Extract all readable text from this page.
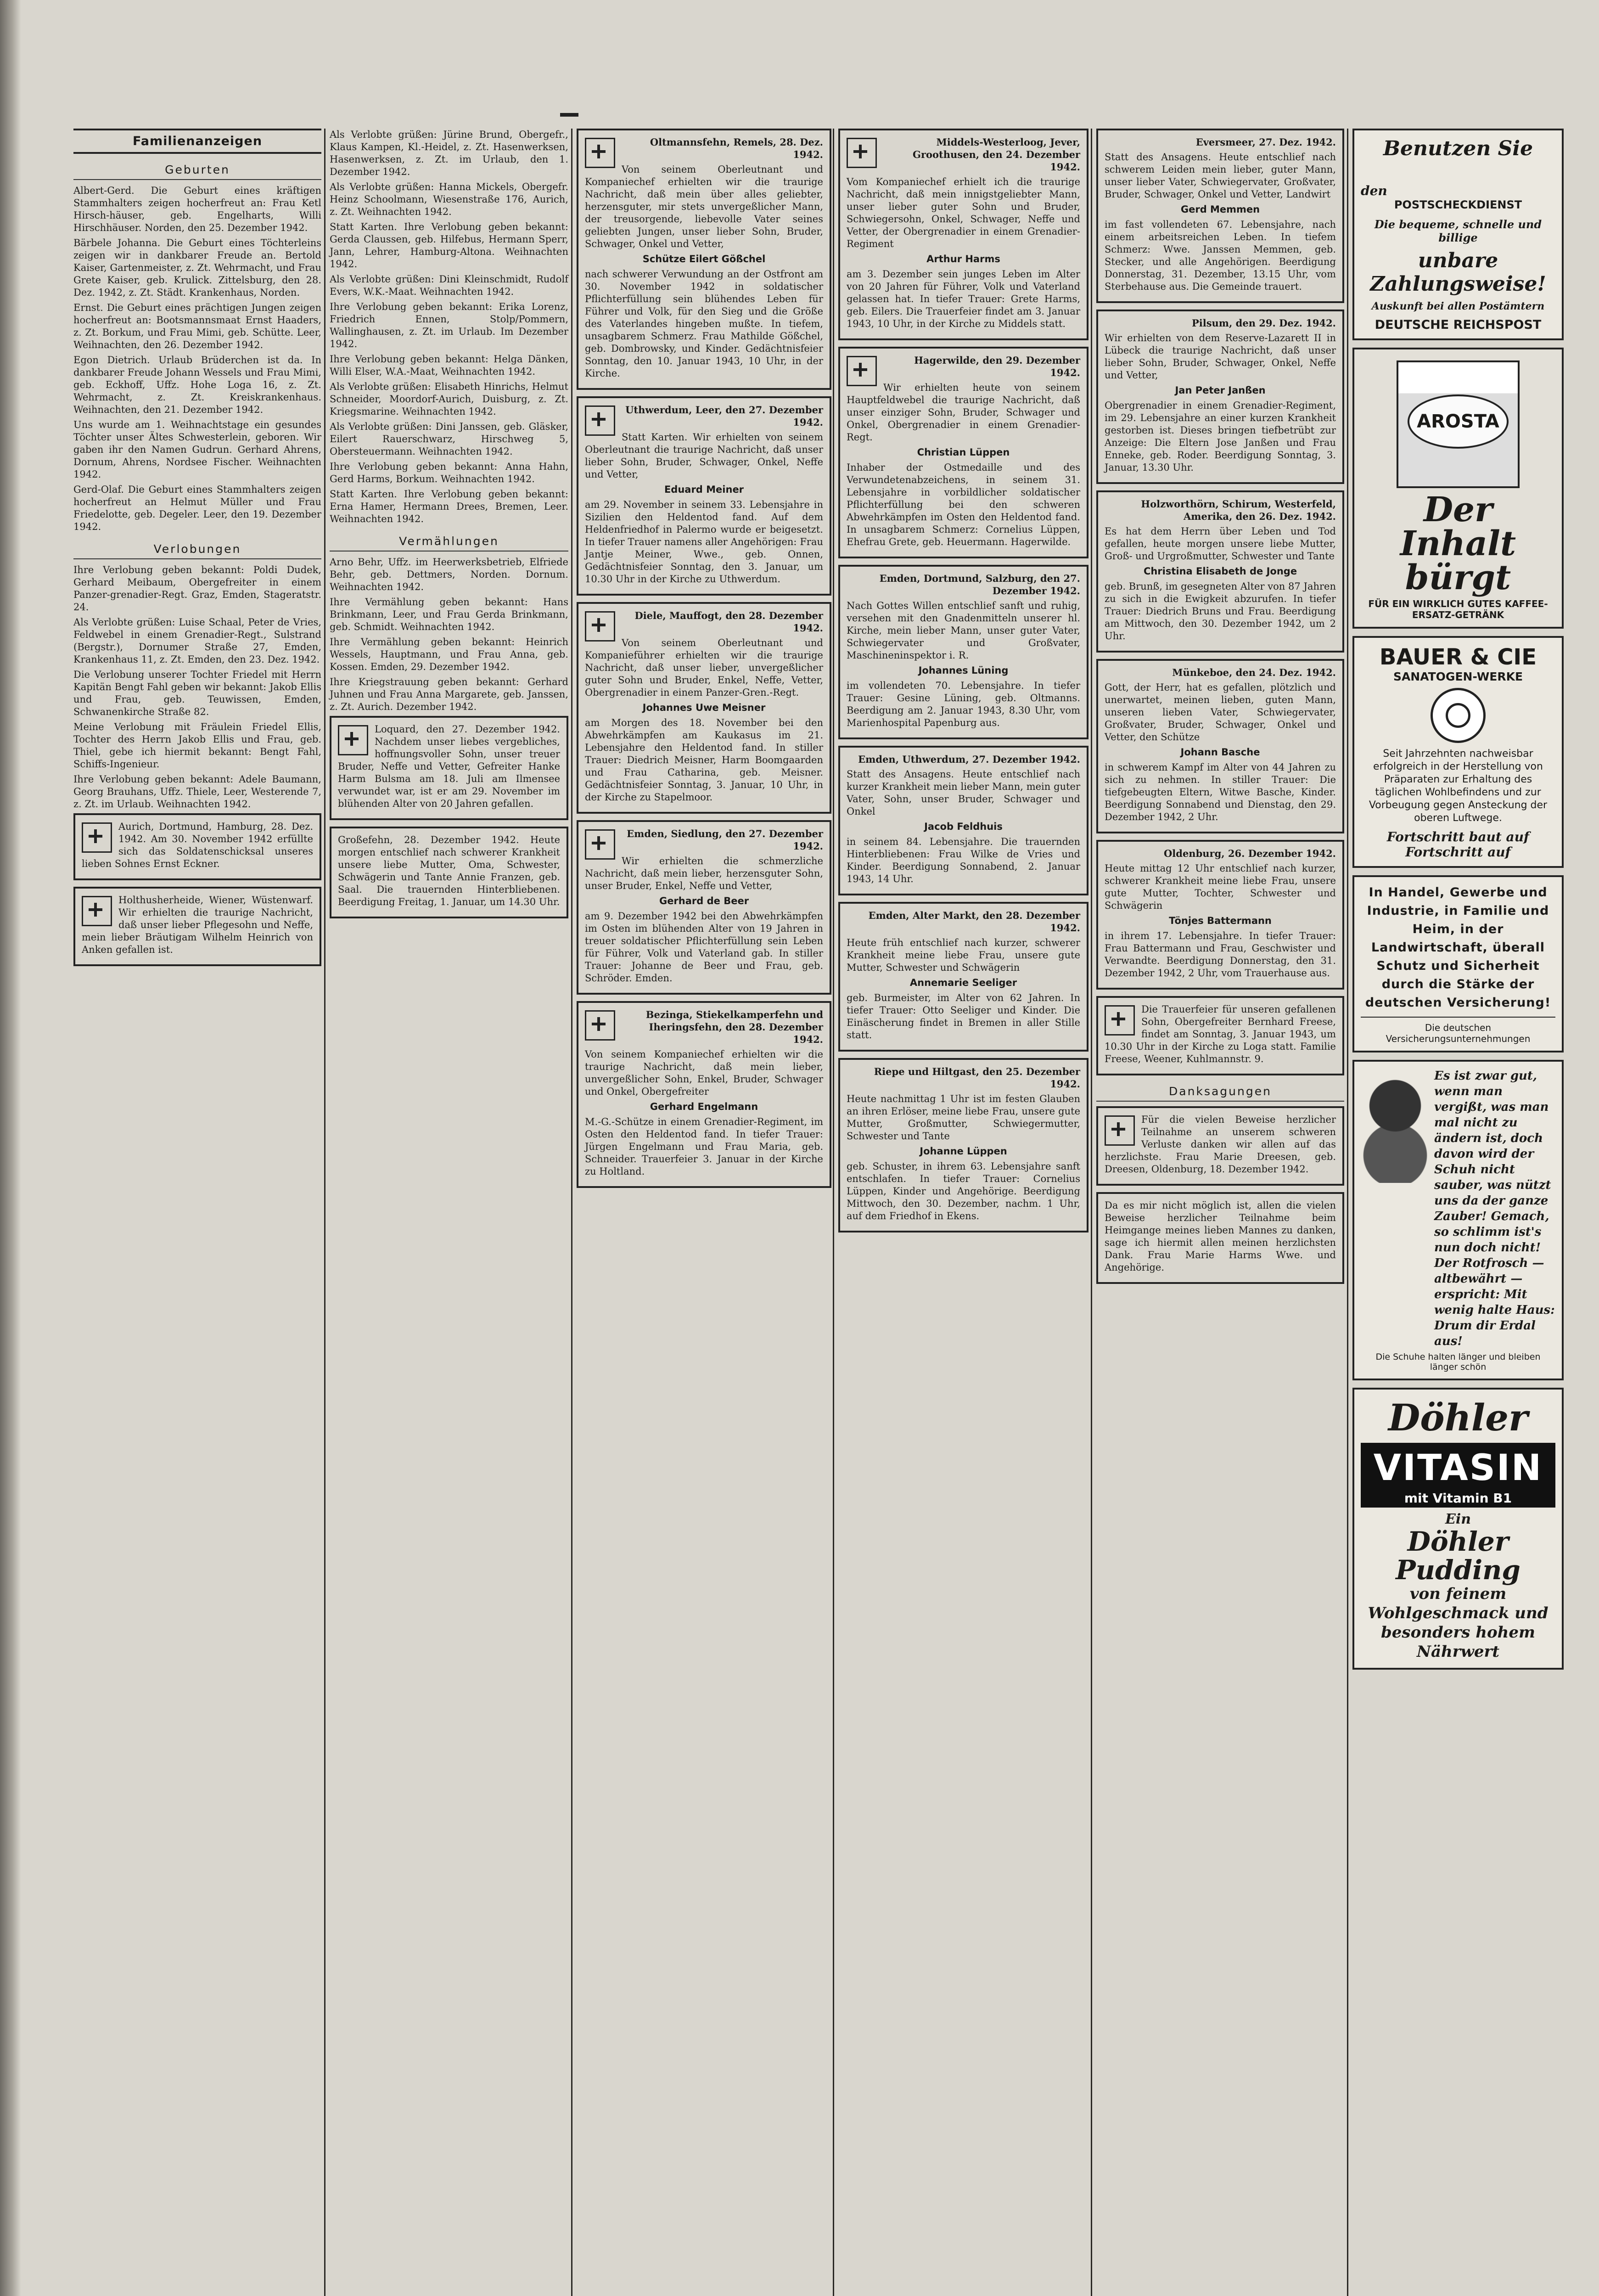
Familienanzeigen
Geburten

Albert-Gerd. Die Geburt eines kräftigen Stammhalters zeigen hocherfreut an: Frau Ketl Hirsch-häuser, geb. Engelharts, Willi Hirschhäuser. Norden, den 25. Dezember 1942.

Bärbele Johanna. Die Geburt eines Töchterleins zeigen wir in dankbarer Freude an. Bertold Kaiser, Gartenmeister, z. Zt. Wehrmacht, und Frau Grete Kaiser, geb. Krulick. Zittelsburg, den 28. Dez. 1942, z. Zt. Städt. Krankenhaus, Norden.

Ernst. Die Geburt eines prächtigen Jungen zeigen hocherfreut an: Bootsmannsmaat Ernst Haaders, z. Zt. Borkum, und Frau Mimi, geb. Schütte. Leer, Weihnachten, den 26. Dezember 1942.

Egon Dietrich. Urlaub Brüderchen ist da. In dankbarer Freude Johann Wessels und Frau Mimi, geb. Eckhoff, Uffz. Hohe Loga 16, z. Zt. Wehrmacht, z. Zt. Kreiskrankenhaus. Weihnachten, den 21. Dezember 1942.

Uns wurde am 1. Weihnachtstage ein gesundes Töchter unser Ältes Schwesterlein, geboren. Wir gaben ihr den Namen Gudrun. Gerhard Ahrens, Dornum, Ahrens, Nordsee Fischer. Weihnachten 1942.

Gerd-Olaf. Die Geburt eines Stammhalters zeigen hocherfreut an Helmut Müller und Frau Friedelotte, geb. Degeler. Leer, den 19. Dezember 1942.

Verlobungen

Ihre Verlobung geben bekannt: Poldi Dudek, Gerhard Meibaum, Obergefreiter in einem Panzer-grenadier-Regt. Graz, Emden, Stageratstr. 24.

Als Verlobte grüßen: Luise Schaal, Peter de Vries, Feldwebel in einem Grenadier-Regt., Sulstrand (Bergstr.), Dornumer Straße 27, Emden, Krankenhaus 11, z. Zt. Emden, den 23. Dez. 1942.

Die Verlobung unserer Tochter Friedel mit Herrn Kapitän Bengt Fahl geben wir bekannt: Jakob Ellis und Frau, geb. Teuwissen, Emden, Schwanenkirche Straße 82.

Meine Verlobung mit Fräulein Friedel Ellis, Tochter des Herrn Jakob Ellis und Frau, geb. Thiel, gebe ich hiermit bekannt: Bengt Fahl, Schiffs-Ingenieur.

Ihre Verlobung geben bekannt: Adele Baumann, Georg Brauhans, Uffz. Thiele, Leer, Westerende 7, z. Zt. im Urlaub. Weihnachten 1942.

Aurich, Dortmund, Hamburg, 28. Dez. 1942. Am 30. November 1942 erfüllte sich das Soldatenschicksal unseres lieben Sohnes Ernst Eckner.

Holthusherheide, Wiener, Wüstenwarf. Wir erhielten die traurige Nachricht, daß unser lieber Pflegesohn und Neffe, mein lieber Bräutigam Wilhelm Heinrich von Anken gefallen ist.

Als Verlobte grüßen: Jürine Brund, Obergefr., Klaus Kampen, Kl.-Heidel, z. Zt. Hasenwerksen, Hasenwerksen, z. Zt. im Urlaub, den 1. Dezember 1942.

Als Verlobte grüßen: Hanna Mickels, Obergefr. Heinz Schoolmann, Wiesenstraße 176, Aurich, z. Zt. Weihnachten 1942.

Statt Karten. Ihre Verlobung geben bekannt: Gerda Claussen, geb. Hilfebus, Hermann Sperr, Jann, Lehrer, Hamburg-Altona. Weihnachten 1942.

Als Verlobte grüßen: Dini Kleinschmidt, Rudolf Evers, W.K.-Maat. Weihnachten 1942.

Ihre Verlobung geben bekannt: Erika Lorenz, Friedrich Ennen, Stolp/Pommern, Wallinghausen, z. Zt. im Urlaub. Im Dezember 1942.

Ihre Verlobung geben bekannt: Helga Dänken, Willi Elser, W.A.-Maat, Weihnachten 1942.

Als Verlobte grüßen: Elisabeth Hinrichs, Helmut Schneider, Moordorf-Aurich, Duisburg, z. Zt. Kriegsmarine. Weihnachten 1942.

Als Verlobte grüßen: Dini Janssen, geb. Gläsker, Eilert Rauerschwarz, Hirschweg 5, Obersteuermann. Weihnachten 1942.

Ihre Verlobung geben bekannt: Anna Hahn, Gerd Harms, Borkum. Weihnachten 1942.

Statt Karten. Ihre Verlobung geben bekannt: Erna Hamer, Hermann Drees, Bremen, Leer. Weihnachten 1942.

Vermählungen

Arno Behr, Uffz. im Heerwerksbetrieb, Elfriede Behr, geb. Dettmers, Norden. Dornum. Weihnachten 1942.

Ihre Vermählung geben bekannt: Hans Brinkmann, Leer, und Frau Gerda Brinkmann, geb. Schmidt. Weihnachten 1942.

Ihre Vermählung geben bekannt: Heinrich Wessels, Hauptmann, und Frau Anna, geb. Kossen. Emden, 29. Dezember 1942.

Ihre Kriegstrauung geben bekannt: Gerhard Juhnen und Frau Anna Margarete, geb. Janssen, z. Zt. Aurich. Dezember 1942.

Loquard, den 27. Dezember 1942. Nachdem unser liebes vergebliches, hoffnungsvoller Sohn, unser treuer Bruder, Neffe und Vetter, Gefreiter Hanke Harm Bulsma am 18. Juli am Ilmensee verwundet war, ist er am 29. November im blühenden Alter von 20 Jahren gefallen.

Großefehn, 28. Dezember 1942. Heute morgen entschlief nach schwerer Krankheit unsere liebe Mutter, Oma, Schwester, Schwägerin und Tante Annie Franzen, geb. Saal. Die trauernden Hinterbliebenen. Beerdigung Freitag, 1. Januar, um 14.30 Uhr.

Oltmannsfehn, Remels, 28. Dez. 1942.

Von seinem Oberleutnant und Kompaniechef erhielten wir die traurige Nachricht, daß mein über alles geliebter, herzensguter, mir stets unvergeßlicher Mann, der treusorgende, liebevolle Vater seines geliebten Jungen, unser lieber Sohn, Bruder, Schwager, Onkel und Vetter,

Schütze Eilert Gößchel

nach schwerer Verwundung an der Ostfront am 30. November 1942 in soldatischer Pflichterfüllung sein blühendes Leben für Führer und Volk, für den Sieg und die Größe des Vaterlandes hingeben mußte. In tiefem, unsagbarem Schmerz. Frau Mathilde Gößchel, geb. Dombrowsky, und Kinder. Gedächtnisfeier Sonntag, den 10. Januar 1943, 10 Uhr, in der Kirche.

Uthwerdum, Leer, den 27. Dezember 1942.

Statt Karten. Wir erhielten von seinem Oberleutnant die traurige Nachricht, daß unser lieber Sohn, Bruder, Schwager, Onkel, Neffe und Vetter,

Eduard Meiner

am 29. November in seinem 33. Lebensjahre in Sizilien den Heldentod fand. Auf dem Heldenfriedhof in Palermo wurde er beigesetzt. In tiefer Trauer namens aller Angehörigen: Frau Jantje Meiner, Wwe., geb. Onnen, Gedächtnisfeier Sonntag, den 3. Januar, um 10.30 Uhr in der Kirche zu Uthwerdum.

Diele, Mauffogt, den 28. Dezember 1942.

Von seinem Oberleutnant und Kompanieführer erhielten wir die traurige Nachricht, daß unser lieber, unvergeßlicher guter Sohn und Bruder, Enkel, Neffe, Vetter, Obergrenadier in einem Panzer-Gren.-Regt.

Johannes Uwe Meisner

am Morgen des 18. November bei den Abwehrkämpfen am Kaukasus im 21. Lebensjahre den Heldentod fand. In stiller Trauer: Diedrich Meisner, Harm Boomgaarden und Frau Catharina, geb. Meisner. Gedächtnisfeier Sonntag, 3. Januar, 10 Uhr, in der Kirche zu Stapelmoor.

Emden, Siedlung, den 27. Dezember 1942.

Wir erhielten die schmerzliche Nachricht, daß mein lieber, herzensguter Sohn, unser Bruder, Enkel, Neffe und Vetter,

Gerhard de Beer

am 9. Dezember 1942 bei den Abwehrkämpfen im Osten im blühenden Alter von 19 Jahren in treuer soldatischer Pflichterfüllung sein Leben für Führer, Volk und Vaterland gab. In stiller Trauer: Johanne de Beer und Frau, geb. Schröder. Emden.

Bezinga, Stiekelkamperfehn und Iheringsfehn, den 28. Dezember 1942.

Von seinem Kompaniechef erhielten wir die traurige Nachricht, daß mein lieber, unvergeßlicher Sohn, Enkel, Bruder, Schwager und Onkel, Obergefreiter

Gerhard Engelmann

M.-G.-Schütze in einem Grenadier-Regiment, im Osten den Heldentod fand. In tiefer Trauer: Jürgen Engelmann und Frau Maria, geb. Schneider. Trauerfeier 3. Januar in der Kirche zu Holtland.

Middels-Westerloog, Jever, Groothusen, den 24. Dezember 1942.

Vom Kompaniechef erhielt ich die traurige Nachricht, daß mein innigstgeliebter Mann, unser lieber guter Sohn und Bruder, Schwiegersohn, Onkel, Schwager, Neffe und Vetter, der Obergrenadier in einem Grenadier-Regiment

Arthur Harms

am 3. Dezember sein junges Leben im Alter von 20 Jahren für Führer, Volk und Vaterland gelassen hat. In tiefer Trauer: Grete Harms, geb. Eilers. Die Trauerfeier findet am 3. Januar 1943, 10 Uhr, in der Kirche zu Middels statt.

Hagerwilde, den 29. Dezember 1942.

Wir erhielten heute von seinem Hauptfeldwebel die traurige Nachricht, daß unser einziger Sohn, Bruder, Schwager und Onkel, Obergrenadier in einem Grenadier-Regt.

Christian Lüppen

Inhaber der Ostmedaille und des Verwundetenabzeichens, in seinem 31. Lebensjahre in vorbildlicher soldatischer Pflichterfüllung bei den schweren Abwehrkämpfen im Osten den Heldentod fand. In unsagbarem Schmerz: Cornelius Lüppen, Ehefrau Grete, geb. Heuermann. Hagerwilde.

Emden, Dortmund, Salzburg, den 27. Dezember 1942.

Nach Gottes Willen entschlief sanft und ruhig, versehen mit den Gnadenmitteln unserer hl. Kirche, mein lieber Mann, unser guter Vater, Schwiegervater und Großvater, Maschineninspektor i. R.

Johannes Lüning

im vollendeten 70. Lebensjahre. In tiefer Trauer: Gesine Lüning, geb. Oltmanns. Beerdigung am 2. Januar 1943, 8.30 Uhr, vom Marienhospital Papenburg aus.

Emden, Uthwerdum, 27. Dezember 1942.

Statt des Ansagens. Heute entschlief nach kurzer Krankheit mein lieber Mann, mein guter Vater, Sohn, unser Bruder, Schwager und Onkel

Jacob Feldhuis

in seinem 84. Lebensjahre. Die trauernden Hinterbliebenen: Frau Wilke de Vries und Kinder. Beerdigung Sonnabend, 2. Januar 1943, 14 Uhr.

Emden, Alter Markt, den 28. Dezember 1942.

Heute früh entschlief nach kurzer, schwerer Krankheit meine liebe Frau, unsere gute Mutter, Schwester und Schwägerin

Annemarie Seeliger

geb. Burmeister, im Alter von 62 Jahren. In tiefer Trauer: Otto Seeliger und Kinder. Die Einäscherung findet in Bremen in aller Stille statt.

Riepe und Hiltgast, den 25. Dezember 1942.

Heute nachmittag 1 Uhr ist im festen Glauben an ihren Erlöser, meine liebe Frau, unsere gute Mutter, Großmutter, Schwiegermutter, Schwester und Tante

Johanne Lüppen

geb. Schuster, in ihrem 63. Lebensjahre sanft entschlafen. In tiefer Trauer: Cornelius Lüppen, Kinder und Angehörige. Beerdigung Mittwoch, den 30. Dezember, nachm. 1 Uhr, auf dem Friedhof in Ekens.

Eversmeer, 27. Dez. 1942.

Statt des Ansagens. Heute entschlief nach schwerem Leiden mein lieber, guter Mann, unser lieber Vater, Schwiegervater, Großvater, Bruder, Schwager, Onkel und Vetter, Landwirt

Gerd Memmen

im fast vollendeten 67. Lebensjahre, nach einem arbeitsreichen Leben. In tiefem Schmerz: Wwe. Janssen Memmen, geb. Stecker, und alle Angehörigen. Beerdigung Donnerstag, 31. Dezember, 13.15 Uhr, vom Sterbehause aus. Die Gemeinde trauert.

Pilsum, den 29. Dez. 1942.

Wir erhielten von dem Reserve-Lazarett II in Lübeck die traurige Nachricht, daß unser lieber Sohn, Bruder, Schwager, Onkel, Neffe und Vetter,

Jan Peter Janßen

Obergrenadier in einem Grenadier-Regiment, im 29. Lebensjahre an einer kurzen Krankheit gestorben ist. Dieses bringen tiefbetrübt zur Anzeige: Die Eltern Jose Janßen und Frau Enneke, geb. Roder. Beerdigung Sonntag, 3. Januar, 13.30 Uhr.

Holzworthörn, Schirum, Westerfeld, Amerika, den 26. Dez. 1942.

Es hat dem Herrn über Leben und Tod gefallen, heute morgen unsere liebe Mutter, Groß- und Urgroßmutter, Schwester und Tante

Christina Elisabeth de Jonge

geb. Brunß, im gesegneten Alter von 87 Jahren zu sich in die Ewigkeit abzurufen. In tiefer Trauer: Diedrich Bruns und Frau. Beerdigung am Mittwoch, den 30. Dezember 1942, um 2 Uhr.

Münkeboe, den 24. Dez. 1942.

Gott, der Herr, hat es gefallen, plötzlich und unerwartet, meinen lieben, guten Mann, unseren lieben Vater, Schwiegervater, Großvater, Bruder, Schwager, Onkel und Vetter, den Schütze

Johann Basche

in schwerem Kampf im Alter von 44 Jahren zu sich zu nehmen. In stiller Trauer: Die tiefgebeugten Eltern, Witwe Basche, Kinder. Beerdigung Sonnabend und Dienstag, den 29. Dezember 1942, 2 Uhr.

Oldenburg, 26. Dezember 1942.

Heute mittag 12 Uhr entschlief nach kurzer, schwerer Krankheit meine liebe Frau, unsere gute Mutter, Tochter, Schwester und Schwägerin

Tönjes Battermann

in ihrem 17. Lebensjahre. In tiefer Trauer: Frau Battermann und Frau, Geschwister und Verwandte. Beerdigung Donnerstag, den 31. Dezember 1942, 2 Uhr, vom Trauerhause aus.

Die Trauerfeier für unseren gefallenen Sohn, Obergefreiter Bernhard Freese, findet am Sonntag, 3. Januar 1943, um 10.30 Uhr in der Kirche zu Loga statt. Familie Freese, Weener, Kuhlmannstr. 9.

Danksagungen

Für die vielen Beweise herzlicher Teilnahme an unserem schweren Verluste danken wir allen auf das herzlichste. Frau Marie Dreesen, geb. Dreesen, Oldenburg, 18. Dezember 1942.

Da es mir nicht möglich ist, allen die vielen Beweise herzlicher Teilnahme beim Heimgange meines lieben Mannes zu danken, sage ich hiermit allen meinen herzlichsten Dank. Frau Marie Harms Wwe. und Angehörige.

Benutzen Sie
den
POSTSCHECKDIENST
Die bequeme, schnelle und billige
unbare Zahlungsweise!
Auskunft bei allen Postämtern
DEUTSCHE REICHSPOST
AROSTA
Der Inhalt
bürgt
FÜR EIN WIRKLICH GUTES KAFFEE-ERSATZ-GETRÄNK
BAUER & CIE
SANATOGEN-WERKE
Seit Jahrzehnten nachweisbar erfolgreich in der Herstellung von Präparaten zur Erhaltung des täglichen Wohlbefindens und zur Vorbeugung gegen Ansteckung der oberen Luftwege.
Fortschritt baut auf Fortschritt auf
In Handel, Gewerbe und Industrie, in Familie und Heim, in der Landwirtschaft, überall Schutz und Sicherheit durch die Stärke der deutschen Versicherung!
Die deutschen Versicherungsunternehmungen
Es ist zwar gut, wenn man vergißt, was man mal nicht zu ändern ist, doch davon wird der Schuh nicht sauber, was nützt uns da der ganze Zauber! Gemach, so schlimm ist's nun doch nicht! Der Rotfrosch — altbewährt — erspricht: Mit wenig halte Haus: Drum dir Erdal aus!
Die Schuhe halten länger und bleiben länger schön
Döhler
VITASIN
mit Vitamin B1
Ein
Döhler Pudding
von feinem Wohlgeschmack und besonders hohem Nährwert
